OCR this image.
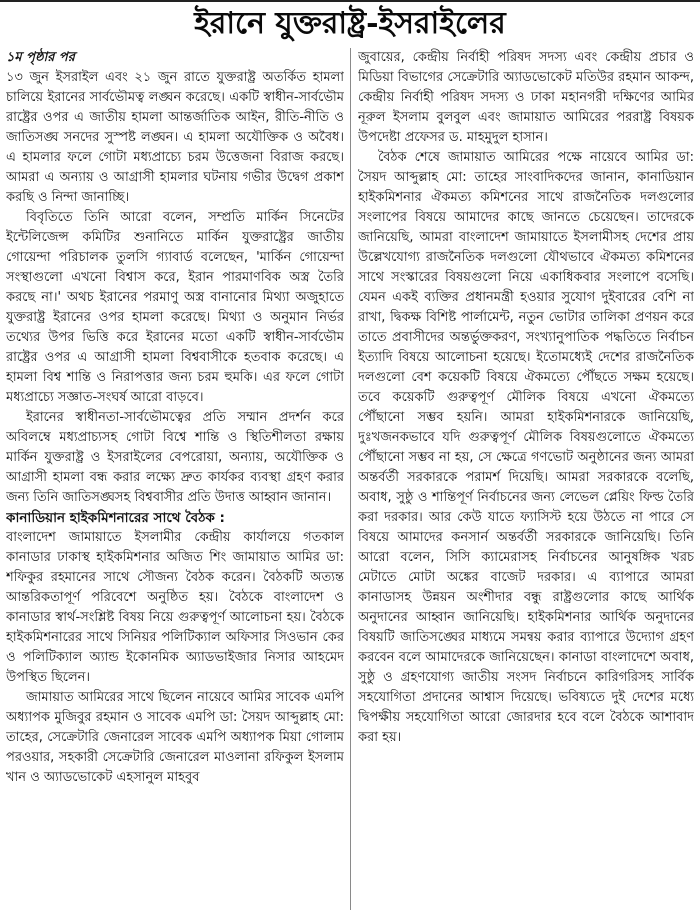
ইরানে যুক্তরাষ্ট্র-ইসরাইলের

১ম পৃষ্ঠার পর

১৩ জুন ইসরাইল এবং ২১ জুন রাতে যুক্তরাষ্ট্র অতর্কিত হামলা চালিয়ে ইরানের সার্বভৌমত্ব লঙ্ঘন করেছে। একটি স্বাধীন-সার্বভৌম রাষ্ট্রের ওপর এ জাতীয় হামলা আন্তর্জাতিক আইন, রীতি-নীতি ও জাতিসঙ্ঘ সনদের সুস্পষ্ট লঙ্ঘন। এ হামলা অযৌক্তিক ও অবৈধ। এ হামলার ফলে গোটা মধ্যপ্রাচ্যে চরম উত্তেজনা বিরাজ করছে। আমরা এ অন্যায় ও আগ্রাসী হামলার ঘটনায় গভীর উদ্বেগ প্রকাশ করছি ও নিন্দা জানাচ্ছি।

বিবৃতিতে তিনি আরো বলেন, সম্প্রতি মার্কিন সিনেটের ইন্টেলিজেন্স কমিটির শুনানিতে মার্কিন যুক্তরাষ্ট্রের জাতীয় গোয়েন্দা পরিচালক তুলসি গ্যাবার্ড বলেছেন, 'মার্কিন গোয়েন্দা সংস্থাগুলো এখনো বিশ্বাস করে, ইরান পারমাণবিক অস্ত্র তৈরি করছে না।' অথচ ইরানের পরমাণু অস্ত্র বানানোর মিথ্যা অজুহাতে যুক্তরাষ্ট্র ইরানের ওপর হামলা করেছে। মিথ্যা ও অনুমান নির্ভর তথ্যের উপর ভিত্তি করে ইরানের মতো একটি স্বাধীন-সার্বভৌম রাষ্ট্রের ওপর এ আগ্রাসী হামলা বিশ্ববাসীকে হতবাক করেছে। এ হামলা বিশ্ব শান্তি ও নিরাপত্তার জন্য চরম হুমকি। এর ফলে গোটা মধ্যপ্রাচ্যে সজ্ঞাত-সংঘর্ষ আরো বাড়বে।

ইরানের স্বাধীনতা-সার্বভৌমত্বের প্রতি সম্মান প্রদর্শন করে অবিলম্বে মধ্যপ্রাচ্যসহ গোটা বিশ্বে শান্তি ও স্থিতিশীলতা রক্ষায় মার্কিন যুক্তরাষ্ট্র ও ইসরাইলের বেপরোয়া, অন্যায়, অযৌক্তিক ও আগ্রাসী হামলা বন্ধ করার লক্ষ্যে দ্রুত কার্যকর ব্যবস্থা গ্রহণ করার জন্য তিনি জাতিসঙ্ঘসহ বিশ্ববাসীর প্রতি উদাত্ত আহ্বান জানান।

কানাডিয়ান হাইকমিশনারের সাথে বৈঠক :

বাংলাদেশ জামায়াতে ইসলামীর কেন্দ্রীয় কার্যালয়ে গতকাল কানাডার ঢাকাস্থ হাইকমিশনার অজিত শিং জামায়াত আমির ডা: শফিকুর রহমানের সাথে সৌজন্য বৈঠক করেন। বৈঠকটি অত্যন্ত আন্তরিকতাপূর্ণ পরিবেশে অনুষ্ঠিত হয়। বৈঠকে বাংলাদেশ ও কানাডার স্বার্থ-সংশ্লিষ্ট বিষয় নিয়ে গুরুত্বপূর্ণ আলোচনা হয়। বৈঠকে হাইকমিশনারের সাথে সিনিয়র পলিটিক্যাল অফিসার সিওভান কের ও পলিটিক্যাল অ্যান্ড ইকোনমিক অ্যাডভাইজার নিসার আহমেদ উপস্থিত ছিলেন।

জামায়াত আমিরের সাথে ছিলেন নায়েবে আমির সাবেক এমপি অধ্যাপক মুজিবুর রহমান ও সাবেক এমপি ডা: সৈয়দ আব্দুল্লাহ মো: তাহের, সেক্রেটারি জেনারেল সাবেক এমপি অধ্যাপক মিয়া গোলাম পরওয়ার, সহকারী সেক্রেটারি জেনারেল মাওলানা রফিকুল ইসলাম খান ও অ্যাডভোকেট এহসানুল মাহবুব

জুবায়ের, কেন্দ্রীয় নির্বাহী পরিষদ সদস্য এবং কেন্দ্রীয় প্রচার ও মিডিয়া বিভাগের সেক্রেটারি অ্যাডভোকেট মতিউর রহমান আকন্দ, কেন্দ্রীয় নির্বাহী পরিষদ সদস্য ও ঢাকা মহানগরী দক্ষিণের আমির নূরুল ইসলাম বুলবুল এবং জামায়াত আমিরের পররাষ্ট্র বিষয়ক উপদেষ্টা প্রফেসর ড. মাহমুদুল হাসান।

বৈঠক শেষে জামায়াত আমিরের পক্ষে নায়েবে আমির ডা: সৈয়দ আব্দুল্লাহ মো: তাহের সাংবাদিকদের জানান, কানাডিয়ান হাইকমিশনার ঐকমত্য কমিশনের সাথে রাজনৈতিক দলগুলোর সংলাপের বিষয়ে আমাদের কাছে জানতে চেয়েছেন। তাদেরকে জানিয়েছি, আমরা বাংলাদেশ জামায়াতে ইসলামীসহ দেশের প্রায় উল্লেখযোগ্য রাজনৈতিক দলগুলো যৌথভাবে ঐকমত্য কমিশনের সাথে সংস্কারের বিষয়গুলো নিয়ে একাধিকবার সংলাপে বসেছি। যেমন একই ব্যক্তির প্রধানমন্ত্রী হওয়ার সুযোগ দুইবারের বেশি না রাখা, দ্বিকক্ষ বিশিষ্ট পার্লামেন্ট, নতুন ভোটার তালিকা প্রণয়ন করে তাতে প্রবাসীদের অন্তর্ভুক্তকরণ, সংখ্যানুপাতিক পদ্ধতিতে নির্বাচন ইত্যাদি বিষয়ে আলোচনা হয়েছে। ইতোমধ্যেই দেশের রাজনৈতিক দলগুলো বেশ কয়েকটি বিষয়ে ঐকমত্যে পৌঁছতে সক্ষম হয়েছে। তবে কয়েকটি গুরুত্বপূর্ণ মৌলিক বিষয়ে এখনো ঐকমত্যে পৌঁছানো সম্ভব হয়নি। আমরা হাইকমিশনারকে জানিয়েছি, দুঃখজনকভাবে যদি গুরুত্বপূর্ণ মৌলিক বিষয়গুলোতে ঐকমত্যে পৌঁছানো সম্ভব না হয়, সে ক্ষেত্রে গণভোট অনুষ্ঠানের জন্য আমরা অন্তর্বর্তী সরকারকে পরামর্শ দিয়েছি। আমরা সরকারকে বলেছি, অবাধ, সুষ্ঠু ও শান্তিপূর্ণ নির্বাচনের জন্য লেভেল প্লেয়িং ফিল্ড তৈরি করা দরকার। আর কেউ যাতে ফ্যাসিস্ট হয়ে উঠতে না পারে সে বিষয়ে আমাদের কনসার্ন অন্তর্বর্তী সরকারকে জানিয়েছি। তিনি আরো বলেন, সিসি ক্যামেরাসহ নির্বাচনের আনুষঙ্গিক খরচ মেটাতে মোটা অঙ্কের বাজেট দরকার। এ ব্যাপারে আমরা কানাডাসহ উন্নয়ন অংশীদার বন্ধু রাষ্ট্রগুলোর কাছে আর্থিক অনুদানের আহ্বান জানিয়েছি। হাইকমিশনার আর্থিক অনুদানের বিষয়টি জাতিসঙ্ঘের মাধ্যমে সমন্বয় করার ব্যাপারে উদ্যোগ গ্রহণ করবেন বলে আমাদেরকে জানিয়েছেন। কানাডা বাংলাদেশে অবাধ, সুষ্ঠু ও গ্রহণযোগ্য জাতীয় সংসদ নির্বাচনে কারিগরিসহ সার্বিক সহযোগিতা প্রদানের আশ্বাস দিয়েছে। ভবিষ্যতে দুই দেশের মধ্যে দ্বিপক্ষীয় সহযোগিতা আরো জোরদার হবে বলে বৈঠকে আশাবাদ করা হয়।
